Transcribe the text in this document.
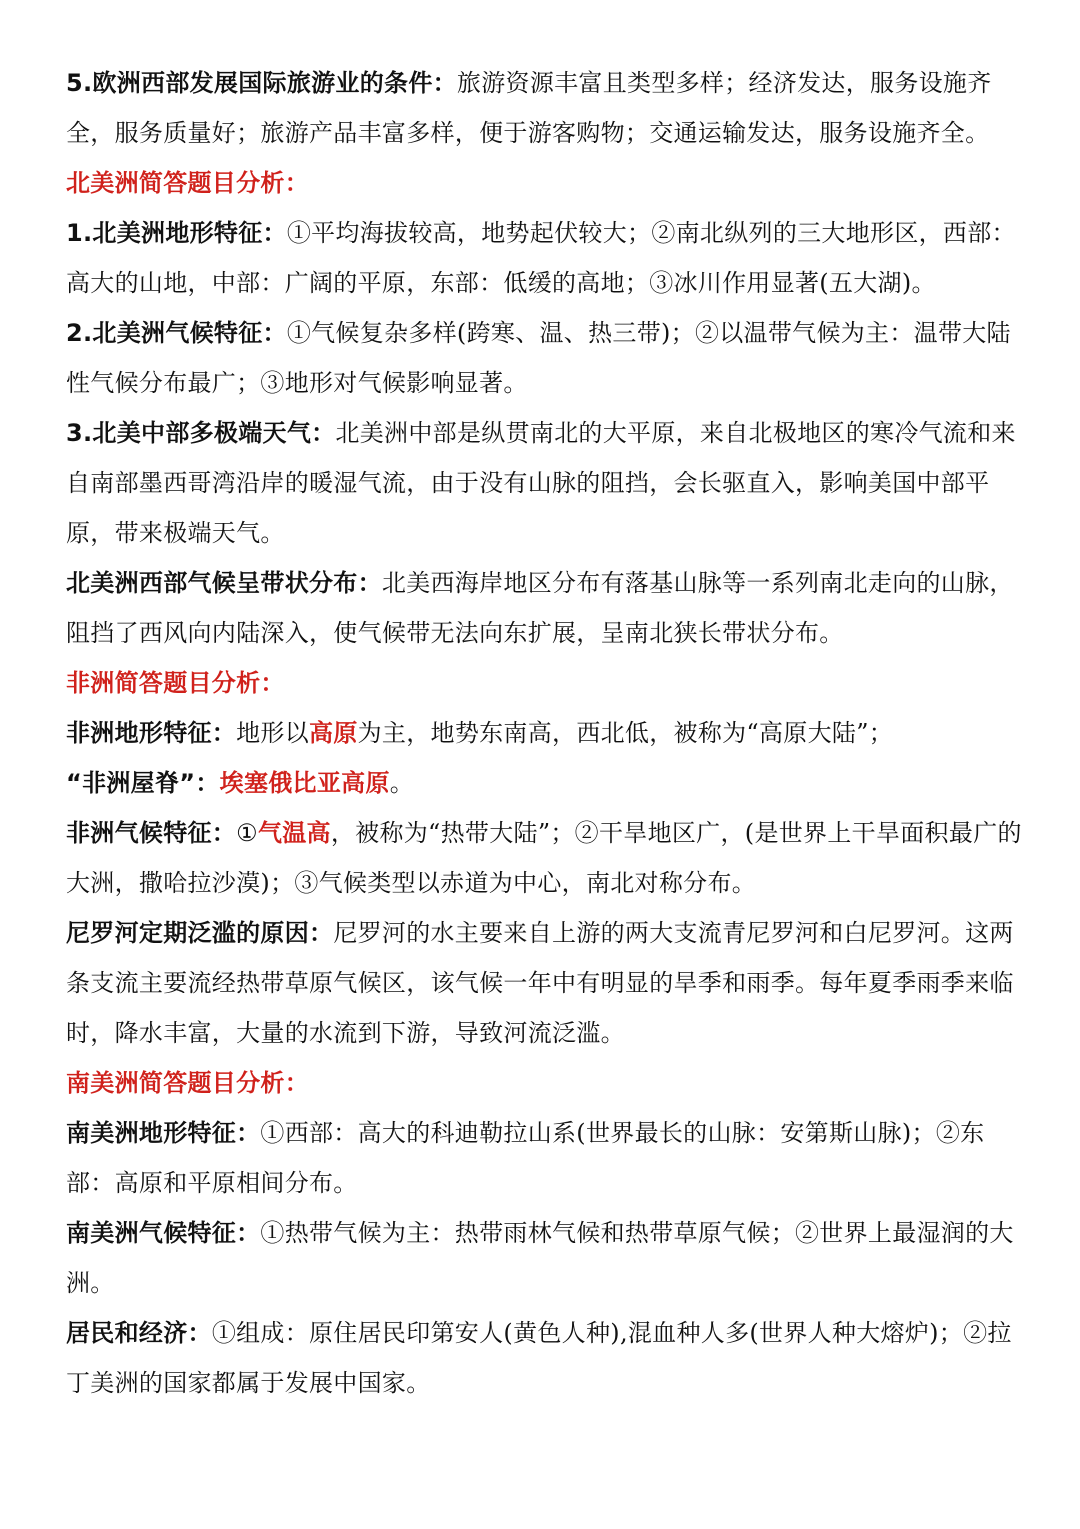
5.欧洲西部发展国际旅游业的条件：旅游资源丰富且类型多样；经济发达，服务设施齐全，服务质量好；旅游产品丰富多样，便于游客购物；交通运输发达，服务设施齐全。

北美洲简答题目分析：

1.北美洲地形特征：①平均海拔较高，地势起伏较大；②南北纵列的三大地形区，西部：高大的山地，中部：广阔的平原，东部：低缓的高地；③冰川作用显著(五大湖)。

2.北美洲气候特征：①气候复杂多样(跨寒、温、热三带)；②以温带气候为主：温带大陆性气候分布最广；③地形对气候影响显著。

3.北美中部多极端天气：北美洲中部是纵贯南北的大平原，来自北极地区的寒冷气流和来自南部墨西哥湾沿岸的暖湿气流，由于没有山脉的阻挡，会长驱直入，影响美国中部平原，带来极端天气。

北美洲西部气候呈带状分布：北美西海岸地区分布有落基山脉等一系列南北走向的山脉，阻挡了西风向内陆深入，使气候带无法向东扩展，呈南北狭长带状分布。

非洲简答题目分析：

非洲地形特征：地形以高原为主，地势东南高，西北低，被称为“高原大陆”；

“非洲屋脊”：埃塞俄比亚高原。

非洲气候特征：①气温高，被称为“热带大陆”；②干旱地区广，(是世界上干旱面积最广的大洲，撒哈拉沙漠)；③气候类型以赤道为中心，南北对称分布。

尼罗河定期泛滥的原因：尼罗河的水主要来自上游的两大支流青尼罗河和白尼罗河。这两条支流主要流经热带草原气候区，该气候一年中有明显的旱季和雨季。每年夏季雨季来临时，降水丰富，大量的水流到下游，导致河流泛滥。

南美洲简答题目分析：

南美洲地形特征：①西部：高大的科迪勒拉山系(世界最长的山脉：安第斯山脉)；②东部：高原和平原相间分布。

南美洲气候特征：①热带气候为主：热带雨林气候和热带草原气候；②世界上最湿润的大洲。

居民和经济：①组成：原住居民印第安人(黄色人种),混血种人多(世界人种大熔炉)；②拉丁美洲的国家都属于发展中国家。
